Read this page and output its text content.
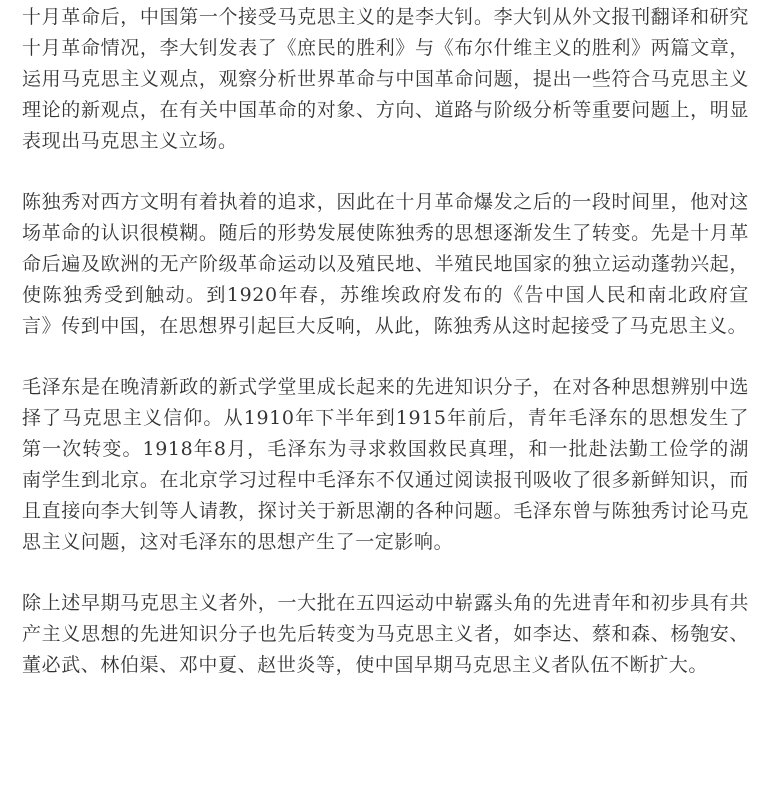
十月革命后，中国第一个接受马克思主义的是李大钊。李大钊从外文报刊翻译和研究十月革命情况，李大钊发表了《庶民的胜利》与《布尔什维主义的胜利》两篇文章，运用马克思主义观点，观察分析世界革命与中国革命问题，提出一些符合马克思主义理论的新观点，在有关中国革命的对象、方向、道路与阶级分析等重要问题上，明显表现出马克思主义立场。

陈独秀对西方文明有着执着的追求，因此在十月革命爆发之后的一段时间里，他对这场革命的认识很模糊。随后的形势发展使陈独秀的思想逐渐发生了转变。先是十月革命后遍及欧洲的无产阶级革命运动以及殖民地、半殖民地国家的独立运动蓬勃兴起，使陈独秀受到触动。到1920年春，苏维埃政府发布的《告中国人民和南北政府宣言》传到中国，在思想界引起巨大反响，从此，陈独秀从这时起接受了马克思主义。

毛泽东是在晚清新政的新式学堂里成长起来的先进知识分子，在对各种思想辨别中选择了马克思主义信仰。从1910年下半年到1915年前后，青年毛泽东的思想发生了第一次转变。1918年8月，毛泽东为寻求救国救民真理，和一批赴法勤工俭学的湖南学生到北京。在北京学习过程中毛泽东不仅通过阅读报刊吸收了很多新鲜知识，而且直接向李大钊等人请教，探讨关于新思潮的各种问题。毛泽东曾与陈独秀讨论马克思主义问题，这对毛泽东的思想产生了一定影响。

除上述早期马克思主义者外，一大批在五四运动中崭露头角的先进青年和初步具有共产主义思想的先进知识分子也先后转变为马克思主义者，如李达、蔡和森、杨匏安、董必武、林伯渠、邓中夏、赵世炎等，使中国早期马克思主义者队伍不断扩大。
